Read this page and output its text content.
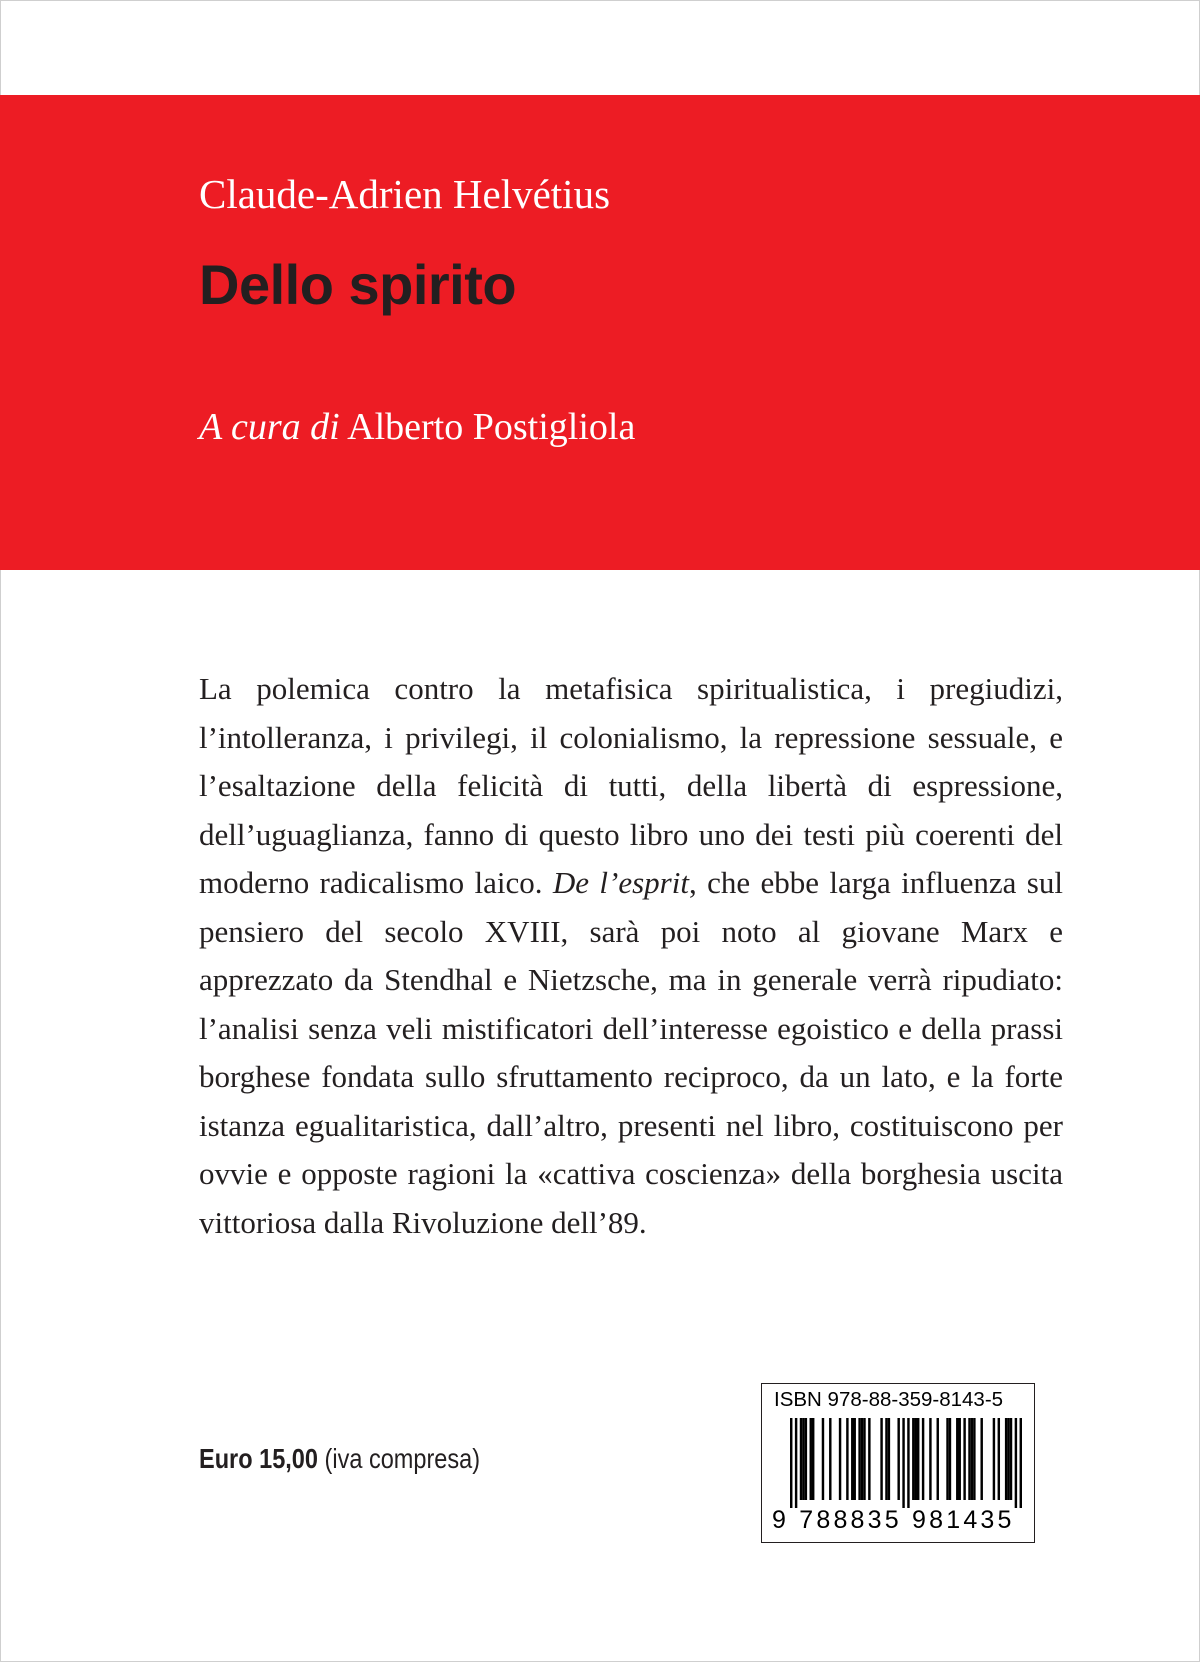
Claude-Adrien Helvétius
Dello spirito
A cura di Alberto Postigliola
La polemica contro la metafisica spiritualistica, i pregiudizi, l’intolleranza, i privilegi, il colonialismo, la repressione sessuale, e l’esaltazione della felicità di tutti, della libertà di espressione, dell’uguaglianza, fanno di questo libro uno dei testi più coerenti del moderno radicalismo laico. De l’esprit, che ebbe larga influenza sul pensiero del secolo XVIII, sarà poi noto al giovane Marx e apprezzato da Stendhal e Nietzsche, ma in generale verrà ripudiato: l’analisi senza veli mistificatori dell’interesse egoistico e della prassi borghese fondata sullo sfruttamento reciproco, da un lato, e la forte istanza egualitaristica, dall’altro, presenti nel libro, costituiscono per ovvie e opposte ragioni la «cattiva coscienza» della borghesia uscita vittoriosa dalla Rivoluzione dell’89.
Euro 15,00 (iva compresa)
ISBN 978-88-359-8143-5
9 788835 981435
